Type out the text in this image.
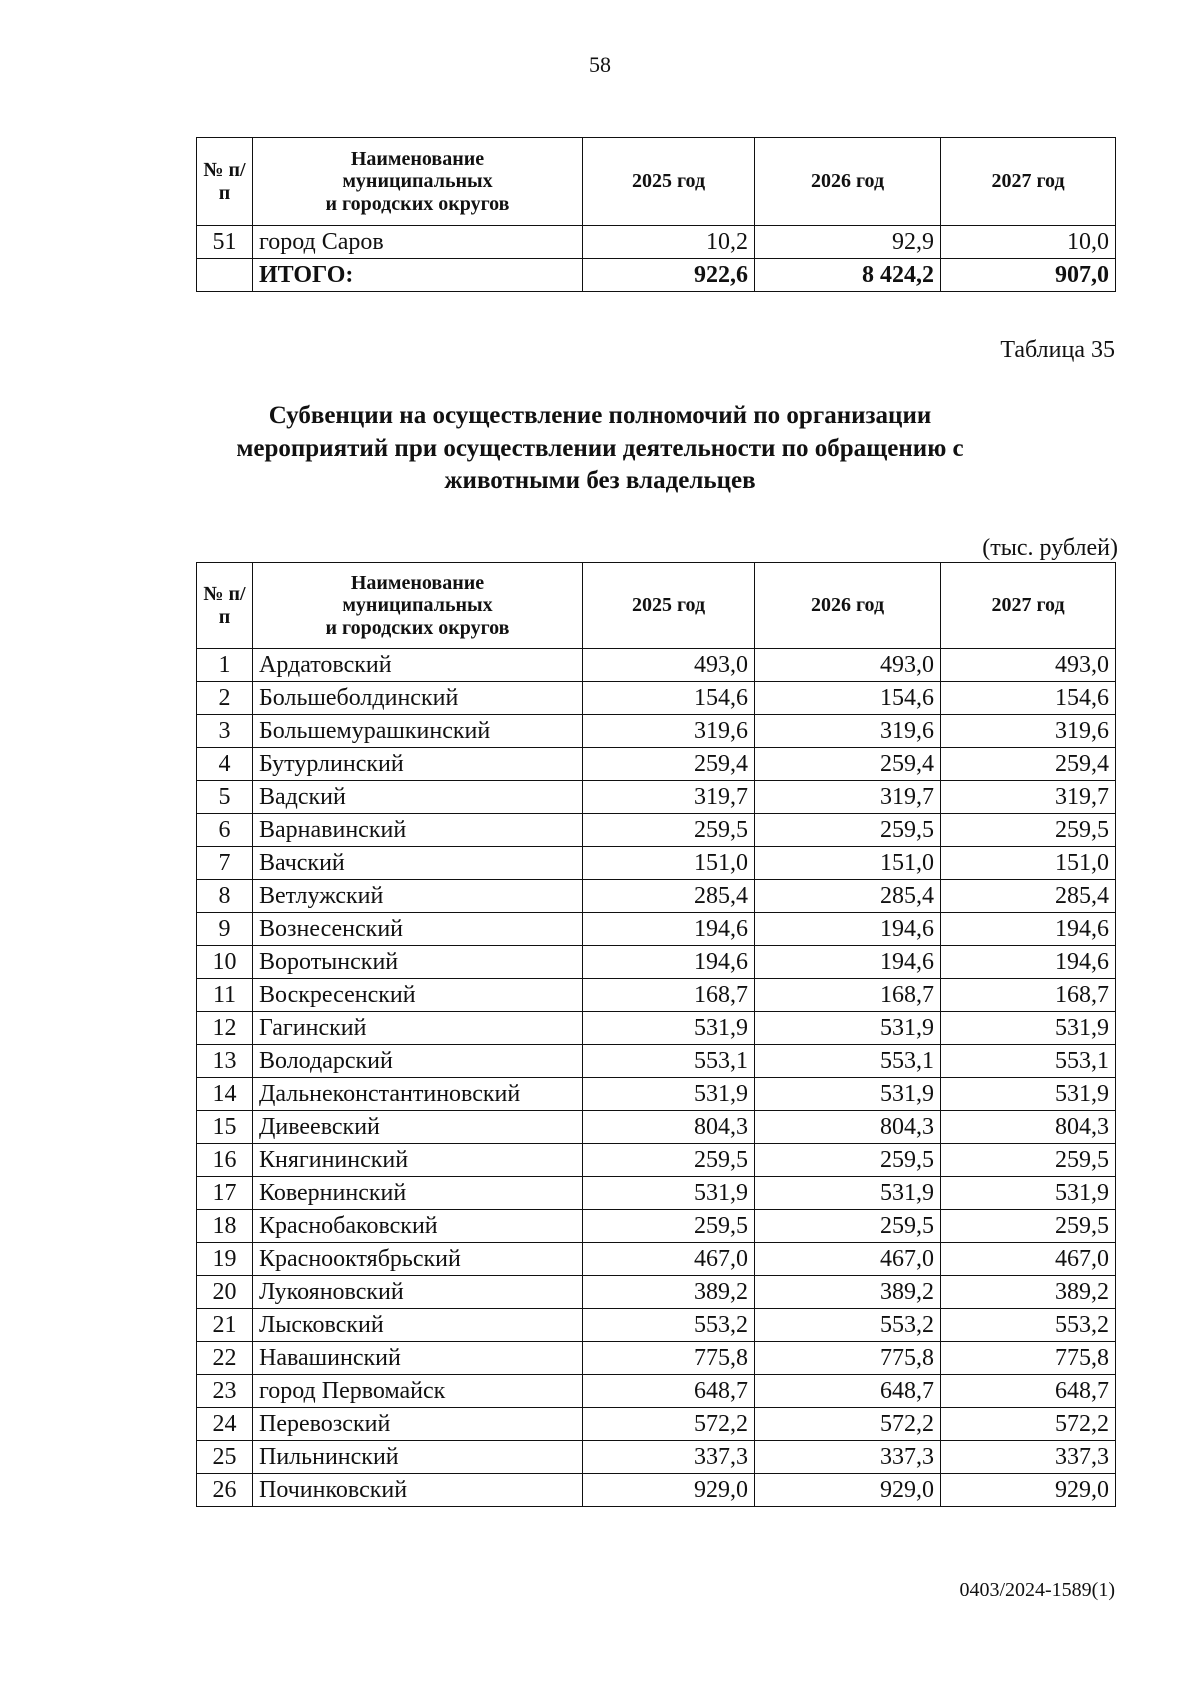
58
№ п/п	Наименование
муниципальных
и городских округов	2025 год	2026 год	2027 год
51	город Саров	10,2	92,9	10,0
	ИТОГО:	922,6	8 424,2	907,0
Таблица 35
Субвенции на осуществление полномочий по организации
мероприятий при осуществлении деятельности по обращению с
животными без владельцев
(тыс. рублей)
№ п/п	Наименование
муниципальных
и городских округов	2025 год	2026 год	2027 год
1	Ардатовский	493,0	493,0	493,0
2	Большеболдинский	154,6	154,6	154,6
3	Большемурашкинский	319,6	319,6	319,6
4	Бутурлинский	259,4	259,4	259,4
5	Вадский	319,7	319,7	319,7
6	Варнавинский	259,5	259,5	259,5
7	Вачский	151,0	151,0	151,0
8	Ветлужский	285,4	285,4	285,4
9	Вознесенский	194,6	194,6	194,6
10	Воротынский	194,6	194,6	194,6
11	Воскресенский	168,7	168,7	168,7
12	Гагинский	531,9	531,9	531,9
13	Володарский	553,1	553,1	553,1
14	Дальнеконстантиновский	531,9	531,9	531,9
15	Дивеевский	804,3	804,3	804,3
16	Княгининский	259,5	259,5	259,5
17	Ковернинский	531,9	531,9	531,9
18	Краснобаковский	259,5	259,5	259,5
19	Краснооктябрьский	467,0	467,0	467,0
20	Лукояновский	389,2	389,2	389,2
21	Лысковский	553,2	553,2	553,2
22	Навашинский	775,8	775,8	775,8
23	город Первомайск	648,7	648,7	648,7
24	Перевозский	572,2	572,2	572,2
25	Пильнинский	337,3	337,3	337,3
26	Починковский	929,0	929,0	929,0
0403/2024-1589(1)
